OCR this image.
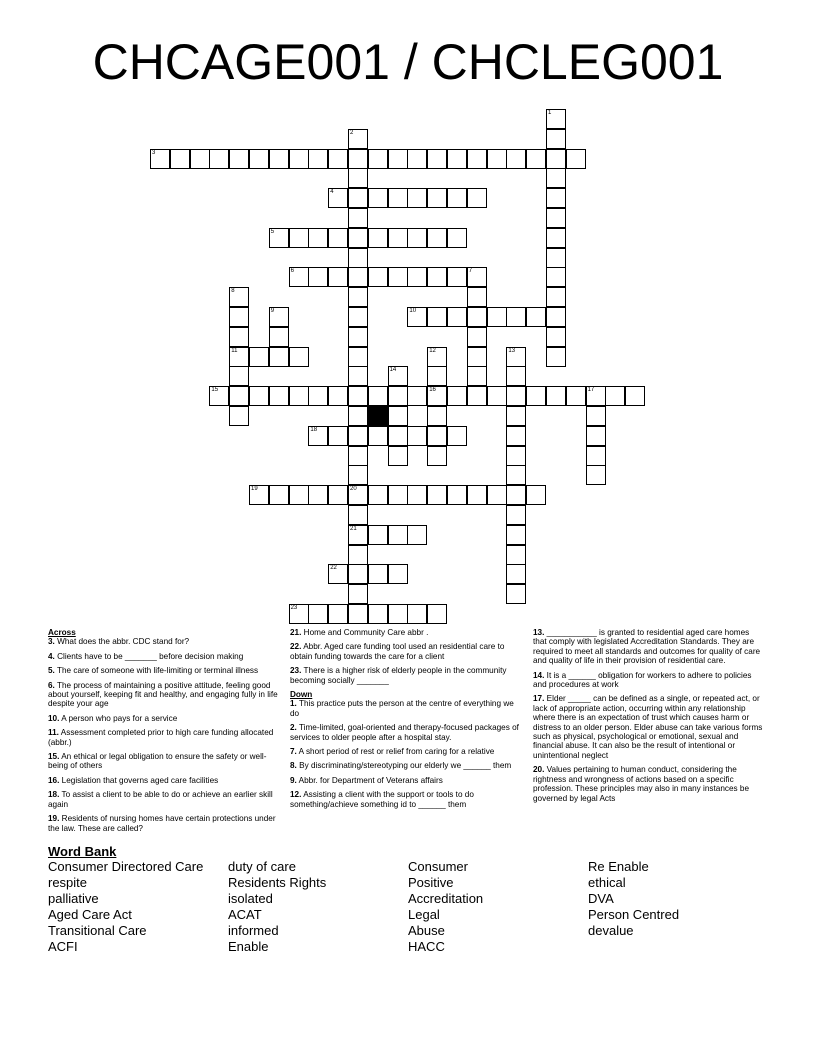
CHCAGE001 / CHCLEG001
1
2
3
4
5
6	7
8
9	10
11	12	13
14
15	16	17
18
19	20
21
22
23
Across
3. What does the abbr. CDC stand for?
4. Clients have to be _______ before decision making
5. The care of someone with life-limiting or terminal illness
6. The process of maintaining a positive attitude, feeling good about yourself, keeping fit and healthy, and engaging fully in life despite your age
10. A person who pays for a service
11. Assessment completed prior to high care funding allocated (abbr.)
15. An ethical or legal obligation to ensure the safety or well-being of others
16. Legislation that governs aged care facilities
18. To assist a client to be able to do or achieve an earlier skill again
19. Residents of nursing homes have certain protections under the law. These are called?
21. Home and Community Care abbr .
22. Abbr. Aged care funding tool used an residential care to obtain funding towards the care for a client
23. There is a higher risk of elderly people in the community becoming socially _______
Down
1. This practice puts the person at the centre of everything we do
2. Time-limited, goal-oriented and therapy-focused packages of services to older people after a hospital stay.
7. A short period of rest or relief from caring for a relative
8. By discriminating/stereotyping our elderly we ______ them
9. Abbr. for Department of Veterans affairs
12. Assisting a client with the support or tools to do something/achieve something id to ______ them
13. ___________ is granted to residential aged care homes that comply with legislated Accreditation Standards. They are required to meet all standards and outcomes for quality of care and quality of life in their provision of residential care.
14. It is a ______ obligation for workers to adhere to policies and procedures at work
17. Elder _____ can be defined as a single, or repeated act, or lack of appropriate action, occurring within any relationship where there is an expectation of trust which causes harm or distress to an older person. Elder abuse can take various forms such as physical, psychological or emotional, sexual and financial abuse. It can also be the result of intentional or unintentional neglect
20. Values pertaining to human conduct, considering the rightness and wrongness of actions based on a specific profession. These principles may also in many instances be governed by legal Acts
Word Bank
Consumer Directored Care
respite
palliative
Aged Care Act
Transitional Care
ACFI
duty of care
Residents Rights
isolated
ACAT
informed
Enable
Consumer
Positive
Accreditation
Legal
Abuse
HACC
Re Enable
ethical
DVA
Person Centred
devalue
